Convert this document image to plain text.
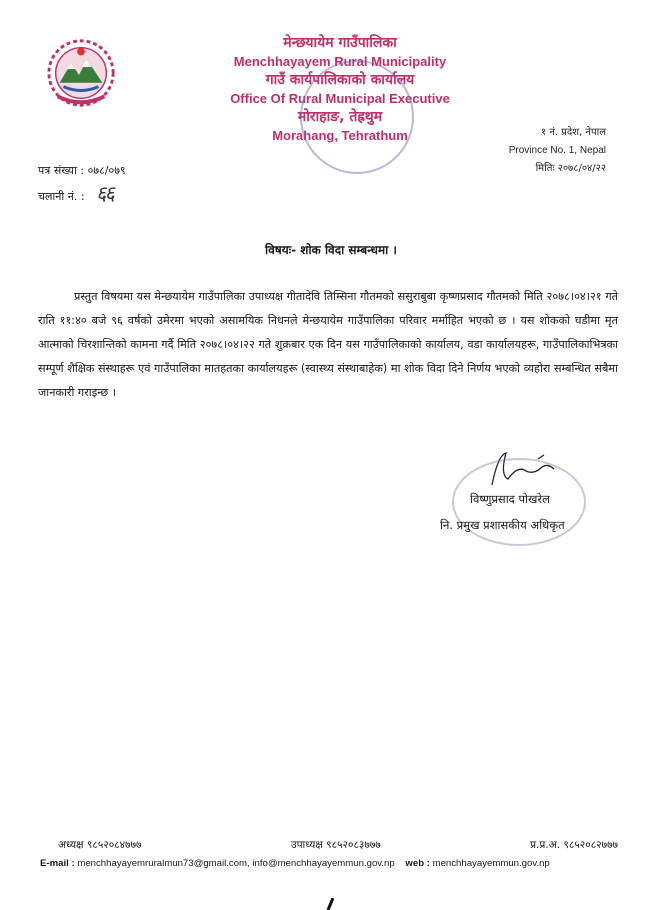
मेन्छयायेम गाउँपालिका
Menchhayayem Rural Municipality
गाउँ कार्यपालिकाको कार्यालय
Office Of Rural Municipal Executive
मोराहाङ, तेह्रथुम
Morahang, Tehrathum	१ नं. प्रदेश, नेपाल
Province No. 1, Nepal
मितिः २०७८/०४/२२
पत्र संख्या : ०७८/०७९
चलानी नं. : ६६
विषयः- शोक विदा सम्बन्धमा ।
प्रस्तुत विषयमा यस मेन्छयायेम गाउँपालिका उपाध्यक्ष गीतादेवि तिम्सिना गौतमको ससुराबुबा कृष्णप्रसाद गौतमको मिति २०७८।०४।२१ गते राति ११:४० बजे ९६ वर्षको उमेरमा भएको असामयिक निधनले मेन्छयायेम गाउँपालिका परिवार मर्माहित भएको छ । यस शोकको घडीमा मृत आत्माको चिरशान्तिको कामना गर्दै मिति २०७८।०४।२२ गते शुक्रबार एक दिन यस गाउँपालिकाको कार्यालय, वडा कार्यालयहरू, गाउँपालिकाभित्रका सम्पूर्ण शैक्षिक संस्थाहरू एवं गाउँपालिका मातहतका कार्यालयहरू (स्वास्थ्य संस्थाबाहेक) मा शोक विदा दिने निर्णय भएको व्यहोरा सम्बन्धित सबैमा जानकारी गराइन्छ ।
विष्णुप्रसाद पोखरेल
नि. प्रमुख प्रशासकीय अधिकृत
अध्यक्ष ९८५२०८४७७७	उपाध्यक्ष ९८५२०८३७७७	प्र.प्र.अ. ९८५२०८२७७७
E-mail : menchhayayemruralmun73@gmail.com, info@menchhayayemmun.gov.np web : menchhayayemmun.gov.np
